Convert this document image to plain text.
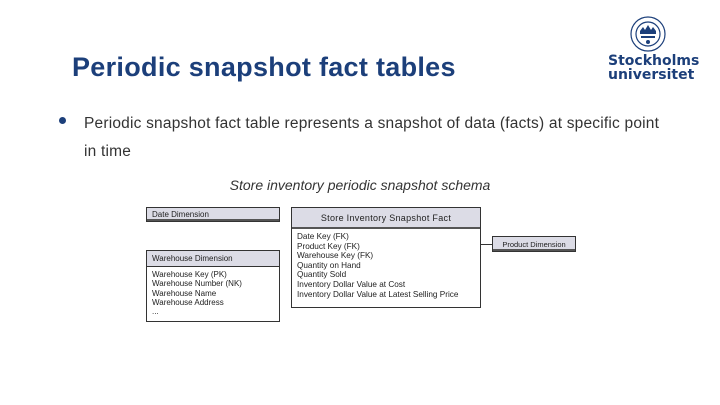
Periodic snapshot fact tables	Stockholms
universitet
Periodic snapshot fact table represents a snapshot of data (facts) at specific point in time
Store inventory periodic snapshot schema
Date Dimension
Warehouse Dimension
Warehouse Key (PK)
Warehouse Number (NK)
Warehouse Name
Warehouse Address
...
Store Inventory Snapshot Fact
Date Key (FK)
Product Key (FK)
Warehouse Key (FK)
Quantity on Hand
Quantity Sold
Inventory Dollar Value at Cost
Inventory Dollar Value at Latest Selling Price
Product Dimension
